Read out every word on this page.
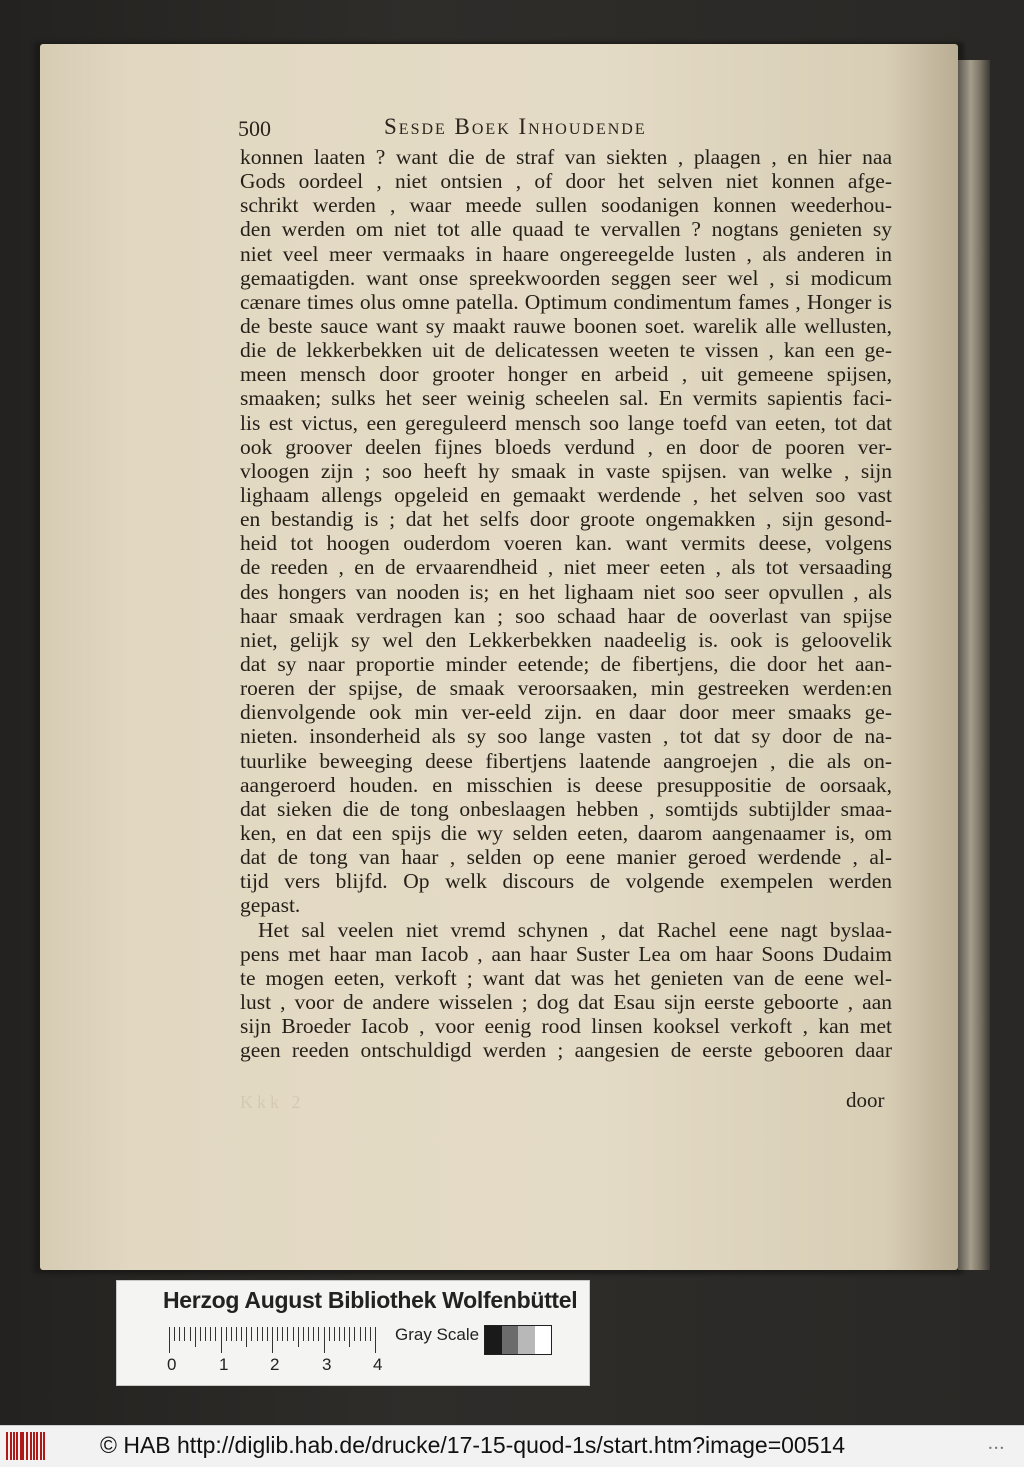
500	Sesde Boek Inhoudende
konnen laaten ? want die de straf van siekten , plaagen , en hier naa
Gods oordeel , niet ontsien , of door het selven niet konnen afge-
schrikt werden , waar meede sullen soodanigen konnen weederhou-
den werden om niet tot alle quaad te vervallen ? nogtans genieten sy
niet veel meer vermaaks in haare ongereegelde lusten , als anderen in
gemaatigden. want onse spreekwoorden seggen seer wel , si modicum
cænare times olus omne patella. Optimum condimentum fames , Honger is
de beste sauce want sy maakt rauwe boonen soet. warelik alle wellusten,
die de lekkerbekken uit de delicatessen weeten te vissen , kan een ge-
meen mensch door grooter honger en arbeid , uit gemeene spijsen,
smaaken; sulks het seer weinig scheelen sal. En vermits sapientis faci-
lis est victus, een gereguleerd mensch soo lange toefd van eeten, tot dat
ook groover deelen fijnes bloeds verdund , en door de pooren ver-
vloogen zijn ; soo heeft hy smaak in vaste spijsen. van welke , sijn
lighaam allengs opgeleid en gemaakt werdende , het selven soo vast
en bestandig is ; dat het selfs door groote ongemakken , sijn gesond-
heid tot hoogen ouderdom voeren kan. want vermits deese, volgens
de reeden , en de ervaarendheid , niet meer eeten , als tot versaading
des hongers van nooden is; en het lighaam niet soo seer opvullen , als
haar smaak verdragen kan ; soo schaad haar de ooverlast van spijse
niet, gelijk sy wel den Lekkerbekken naadeelig is. ook is geloovelik
dat sy naar proportie minder eetende; de fibertjens, die door het aan-
roeren der spijse, de smaak veroorsaaken, min gestreeken werden:en
dienvolgende ook min ver-eeld zijn. en daar door meer smaaks ge-
nieten. insonderheid als sy soo lange vasten , tot dat sy door de na-
tuurlike beweeging deese fibertjens laatende aangroejen , die als on-
aangeroerd houden. en misschien is deese presuppositie de oorsaak,
dat sieken die de tong onbeslaagen hebben , somtijds subtijlder smaa-
ken, en dat een spijs die wy selden eeten, daarom aangenaamer is, om
dat de tong van haar , selden op eene manier geroed werdende , al-
tijd vers blijfd. Op welk discours de volgende exempelen werden
gepast.
Het sal veelen niet vremd schynen , dat Rachel eene nagt byslaa-
pens met haar man Iacob , aan haar Suster Lea om haar Soons Dudaim
te mogen eeten, verkoft ; want dat was het genieten van de eene wel-
lust , voor de andere wisselen ; dog dat Esau sijn eerste geboorte , aan
sijn Broeder Iacob , voor eenig rood linsen kooksel verkoft , kan met
geen reeden ontschuldigd werden ; aangesien de eerste gebooren daar
Kkk 2	door
Herzog August Bibliothek Wolfenbüttel
0	1 2	3 4
Gray Scale
© HAB http://diglib.hab.de/drucke/17-15-quod-1s/start.htm?image=00514	•••
